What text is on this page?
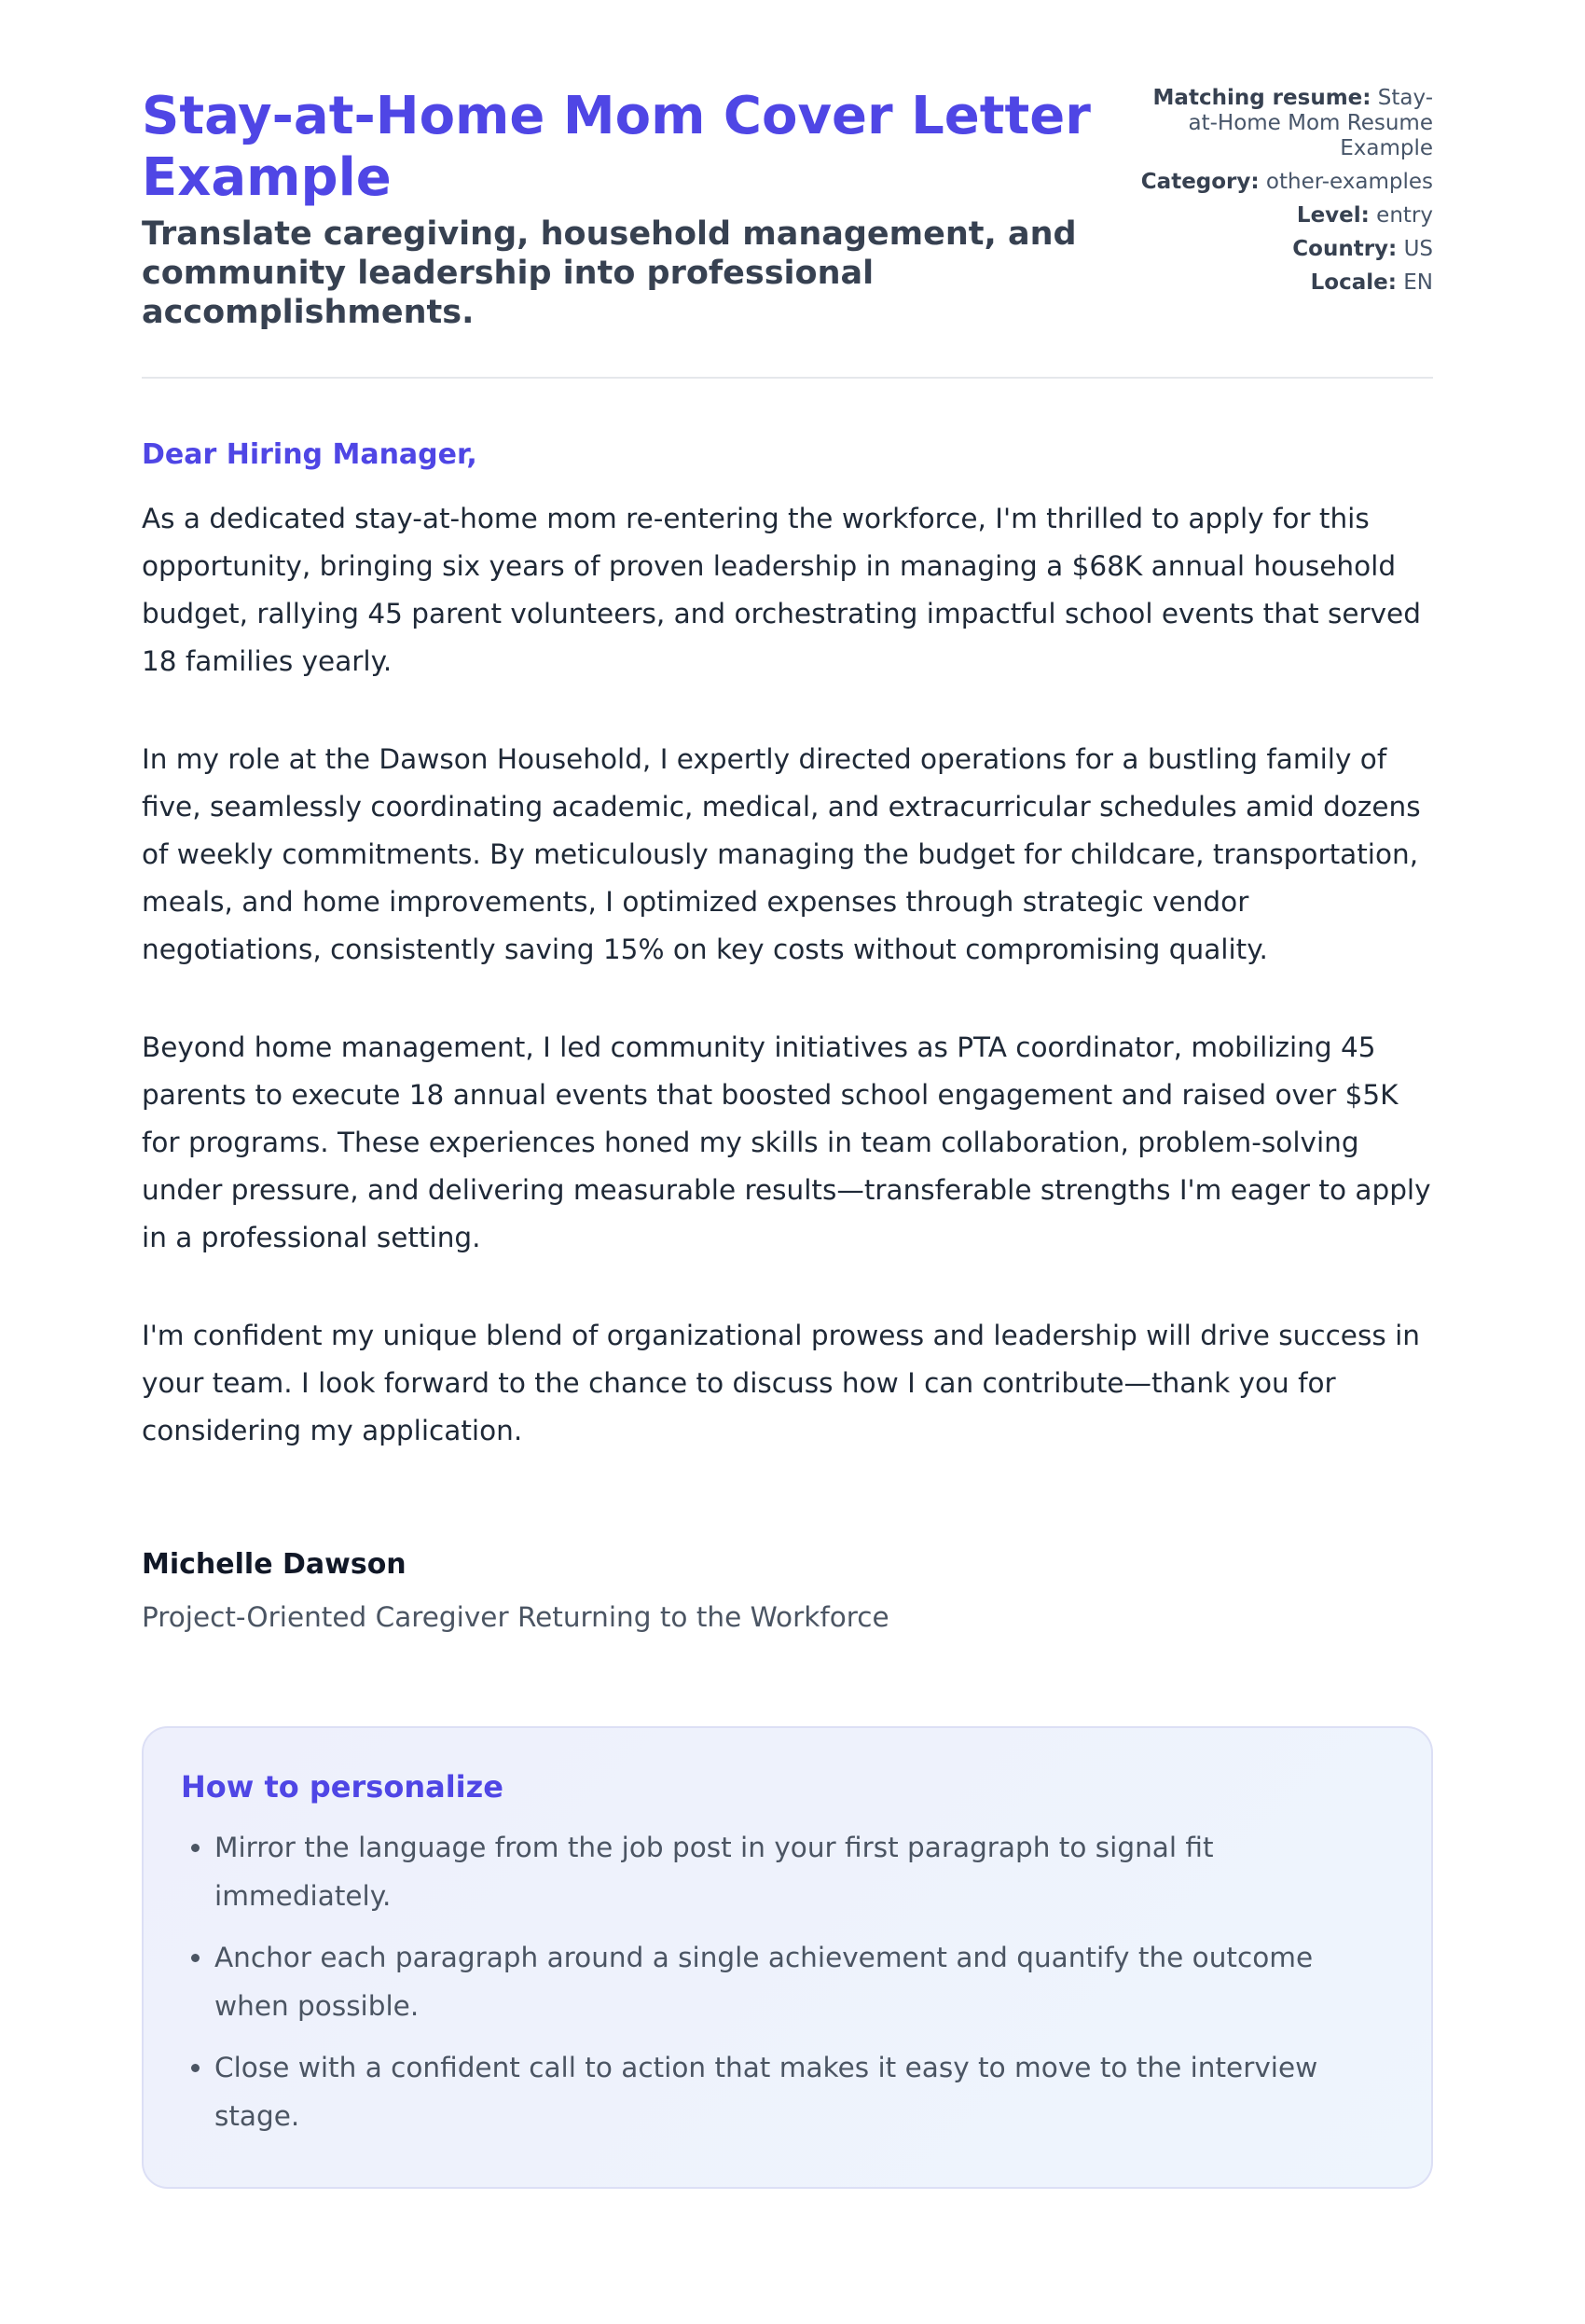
Stay-at-Home Mom Cover Letter Example
Translate caregiving, household management, and community leadership into professional accomplishments.
Matching resume: Stay-at-Home Mom Resume Example
Category: other-examples
Level: entry
Country: US
Locale: EN
Dear Hiring Manager,

As a dedicated stay-at-home mom re-entering the workforce, I'm thrilled to apply for this opportunity, bringing six years of proven leadership in managing a $68K annual household budget, rallying 45 parent volunteers, and orchestrating impactful school events that served 18 families yearly.

In my role at the Dawson Household, I expertly directed operations for a bustling family of five, seamlessly coordinating academic, medical, and extracurricular schedules amid dozens of weekly commitments. By meticulously managing the budget for childcare, transportation, meals, and home improvements, I optimized expenses through strategic vendor negotiations, consistently saving 15% on key costs without compromising quality.

Beyond home management, I led community initiatives as PTA coordinator, mobilizing 45 parents to execute 18 annual events that boosted school engagement and raised over $5K for programs. These experiences honed my skills in team collaboration, problem-solving under pressure, and delivering measurable results—transferable strengths I'm eager to apply in a professional setting.

I'm confident my unique blend of organizational prowess and leadership will drive success in your team. I look forward to the chance to discuss how I can contribute—thank you for considering my application.

Michelle Dawson
Project-Oriented Caregiver Returning to the Workforce
How to personalize
• Mirror the language from the job post in your first paragraph to signal fit immediately.
• Anchor each paragraph around a single achievement and quantify the outcome when possible.
• Close with a confident call to action that makes it easy to move to the interview stage.
